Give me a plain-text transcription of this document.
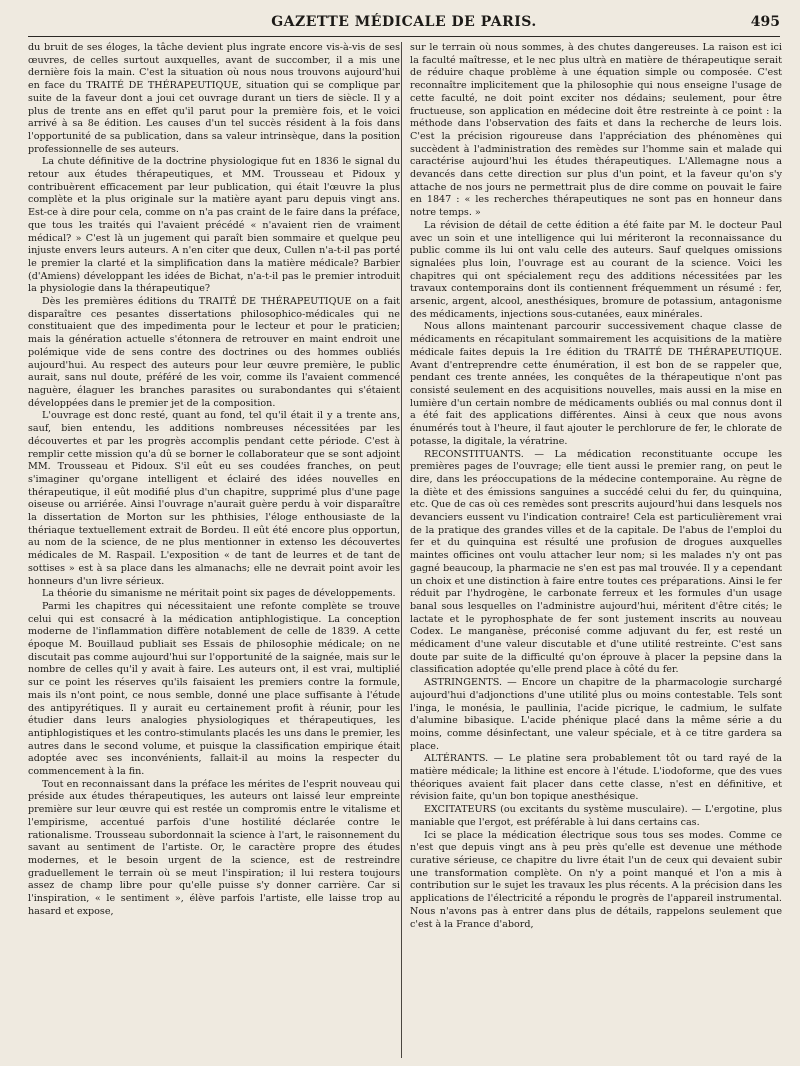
GAZETTE MÉDICALE DE PARIS.	495

du bruit de ses éloges, la tâche devient plus ingrate encore vis-à-vis de ses œuvres, de celles surtout auxquelles, avant de succomber, il a mis une dernière fois la main. C'est la situation où nous nous trouvons aujourd'hui en face du TRAITÉ DE THÉRAPEUTIQUE, situation qui se complique par suite de la faveur dont a joui cet ouvrage durant un tiers de siècle. Il y a plus de trente ans en effet qu'il parut pour la première fois, et le voici arrivé à sa 8e édition. Les causes d'un tel succès résident à la fois dans l'opportunité de sa publication, dans sa valeur intrinsèque, dans la position professionnelle de ses auteurs.

La chute définitive de la doctrine physiologique fut en 1836 le signal du retour aux études thérapeutiques, et MM. Trousseau et Pidoux y contribuèrent efficacement par leur publication, qui était l'œuvre la plus complète et la plus originale sur la matière ayant paru depuis vingt ans. Est-ce à dire pour cela, comme on n'a pas craint de le faire dans la préface, que tous les traités qui l'avaient précédé « n'avaient rien de vraiment médical? » C'est là un jugement qui paraît bien sommaire et quelque peu injuste envers leurs auteurs. A n'en citer que deux, Cullen n'a-t-il pas porté le premier la clarté et la simplification dans la matière médicale? Barbier (d'Amiens) développant les idées de Bichat, n'a-t-il pas le premier introduit la physiologie dans la thérapeutique?

Dès les premières éditions du TRAITÉ DE THÉRAPEUTIQUE on a fait disparaître ces pesantes dissertations philosophico-médicales qui ne constituaient que des impedimenta pour le lecteur et pour le praticien; mais la génération actuelle s'étonnera de retrouver en maint endroit une polémique vide de sens contre des doctrines ou des hommes oubliés aujourd'hui. Au respect des auteurs pour leur œuvre première, le public aurait, sans nul doute, préféré de les voir, comme ils l'avaient commencé naguère, élaguer les branches parasites ou surabondantes qui s'étaient développées dans le premier jet de la composition.

L'ouvrage est donc resté, quant au fond, tel qu'il était il y a trente ans, sauf, bien entendu, les additions nombreuses nécessitées par les découvertes et par les progrès accomplis pendant cette période. C'est à remplir cette mission qu'a dû se borner le collaborateur que se sont adjoint MM. Trousseau et Pidoux. S'il eût eu ses coudées franches, on peut s'imaginer qu'organe intelligent et éclairé des idées nouvelles en thérapeutique, il eût modifié plus d'un chapitre, supprimé plus d'une page oiseuse ou arriérée. Ainsi l'ouvrage n'aurait guère perdu à voir disparaître la dissertation de Morton sur les phthisies, l'éloge enthousiaste de la thériaque textuellement extrait de Bordeu. Il eût été encore plus opportun, au nom de la science, de ne plus mentionner in extenso les découvertes médicales de M. Raspail. L'exposition « de tant de leurres et de tant de sottises » est à sa place dans les almanachs; elle ne devrait point avoir les honneurs d'un livre sérieux.

La théorie du simanisme ne méritait point six pages de développements.

Parmi les chapitres qui nécessitaient une refonte complète se trouve celui qui est consacré à la médication antiphlogistique. La conception moderne de l'inflammation diffère notablement de celle de 1839. A cette époque M. Bouillaud publiait ses Essais de philosophie médicale; on ne discutait pas comme aujourd'hui sur l'opportunité de la saignée, mais sur le nombre de celles qu'il y avait à faire. Les auteurs ont, il est vrai, multiplié sur ce point les réserves qu'ils faisaient les premiers contre la formule, mais ils n'ont point, ce nous semble, donné une place suffisante à l'étude des antipyrétiques. Il y aurait eu certainement profit à réunir, pour les étudier dans leurs analogies physiologiques et thérapeutiques, les antiphlogistiques et les contro-stimulants placés les uns dans le premier, les autres dans le second volume, et puisque la classification empirique était adoptée avec ses inconvénients, fallait-il au moins la respecter du commencement à la fin.

Tout en reconnaissant dans la préface les mérites de l'esprit nouveau qui préside aux études thérapeutiques, les auteurs ont laissé leur empreinte première sur leur œuvre qui est restée un compromis entre le vitalisme et l'empirisme, accentué parfois d'une hostilité déclarée contre le rationalisme. Trousseau subordonnait la science à l'art, le raisonnement du savant au sentiment de l'artiste. Or, le caractère propre des études modernes, et le besoin urgent de la science, est de restreindre graduellement le terrain où se meut l'inspiration; il lui restera toujours assez de champ libre pour qu'elle puisse s'y donner carrière. Car si l'inspiration, « le sentiment », élève parfois l'artiste, elle laisse trop au hasard et expose,

sur le terrain où nous sommes, à des chutes dangereuses. La raison est ici la faculté maîtresse, et le nec plus ultrà en matière de thérapeutique serait de réduire chaque problème à une équation simple ou composée. C'est reconnaître implicitement que la philosophie qui nous enseigne l'usage de cette faculté, ne doit point exciter nos dédains; seulement, pour être fructueuse, son application en médecine doit être restreinte à ce point : la méthode dans l'observation des faits et dans la recherche de leurs lois. C'est la précision rigoureuse dans l'appréciation des phénomènes qui succèdent à l'administration des remèdes sur l'homme sain et malade qui caractérise aujourd'hui les études thérapeutiques. L'Allemagne nous a devancés dans cette direction sur plus d'un point, et la faveur qu'on s'y attache de nos jours ne permettrait plus de dire comme on pouvait le faire en 1847 : « les recherches thérapeutiques ne sont pas en honneur dans notre temps. »

La révision de détail de cette édition a été faite par M. le docteur Paul avec un soin et une intelligence qui lui mériteront la reconnaissance du public comme ils lui ont valu celle des auteurs. Sauf quelques omissions signalées plus loin, l'ouvrage est au courant de la science. Voici les chapitres qui ont spécialement reçu des additions nécessitées par les travaux contemporains dont ils contiennent fréquemment un résumé : fer, arsenic, argent, alcool, anesthésiques, bromure de potassium, antagonisme des médicaments, injections sous-cutanées, eaux minérales.

Nous allons maintenant parcourir successivement chaque classe de médicaments en récapitulant sommairement les acquisitions de la matière médicale faites depuis la 1re édition du TRAITÉ DE THÉRAPEUTIQUE. Avant d'entreprendre cette énumération, il est bon de se rappeler que, pendant ces trente années, les conquêtes de la thérapeutique n'ont pas consisté seulement en des acquisitions nouvelles, mais aussi en la mise en lumière d'un certain nombre de médicaments oubliés ou mal connus dont il a été fait des applications différentes. Ainsi à ceux que nous avons énumérés tout à l'heure, il faut ajouter le perchlorure de fer, le chlorate de potasse, la digitale, la vératrine.

RECONSTITUANTS. — La médication reconstituante occupe les premières pages de l'ouvrage; elle tient aussi le premier rang, on peut le dire, dans les préoccupations de la médecine contemporaine. Au règne de la diète et des émissions sanguines a succédé celui du fer, du quinquina, etc. Que de cas où ces remèdes sont prescrits aujourd'hui dans lesquels nos devanciers eussent vu l'indication contraire! Cela est particulièrement vrai de la pratique des grandes villes et de la capitale. De l'abus de l'emploi du fer et du quinquina est résulté une profusion de drogues auxquelles maintes officines ont voulu attacher leur nom; si les malades n'y ont pas gagné beaucoup, la pharmacie ne s'en est pas mal trouvée. Il y a cependant un choix et une distinction à faire entre toutes ces préparations. Ainsi le fer réduit par l'hydrogène, le carbonate ferreux et les formules d'un usage banal sous lesquelles on l'administre aujourd'hui, méritent d'être cités; le lactate et le pyrophosphate de fer sont justement inscrits au nouveau Codex. Le manganèse, préconisé comme adjuvant du fer, est resté un médicament d'une valeur discutable et d'une utilité restreinte. C'est sans doute par suite de la difficulté qu'on éprouve à placer la pepsine dans la classification adoptée qu'elle prend place à côté du fer.

ASTRINGENTS. — Encore un chapitre de la pharmacologie surchargé aujourd'hui d'adjonctions d'une utilité plus ou moins contestable. Tels sont l'inga, le monésia, le paullinia, l'acide picrique, le cadmium, le sulfate d'alumine bibasique. L'acide phénique placé dans la même série a du moins, comme désinfectant, une valeur spéciale, et à ce titre gardera sa place.

ALTÉRANTS. — Le platine sera probablement tôt ou tard rayé de la matière médicale; la lithine est encore à l'étude. L'iodoforme, que des vues théoriques avaient fait placer dans cette classe, n'est en définitive, et révision faite, qu'un bon topique anesthésique.

EXCITATEURS (ou excitants du système musculaire). — L'ergotine, plus maniable que l'ergot, est préférable à lui dans certains cas.

Ici se place la médication électrique sous tous ses modes. Comme ce n'est que depuis vingt ans à peu près qu'elle est devenue une méthode curative sérieuse, ce chapitre du livre était l'un de ceux qui devaient subir une transformation complète. On n'y a point manqué et l'on a mis à contribution sur le sujet les travaux les plus récents. A la précision dans les applications de l'électricité a répondu le progrès de l'appareil instrumental. Nous n'avons pas à entrer dans plus de détails, rappelons seulement que c'est à la France d'abord,
